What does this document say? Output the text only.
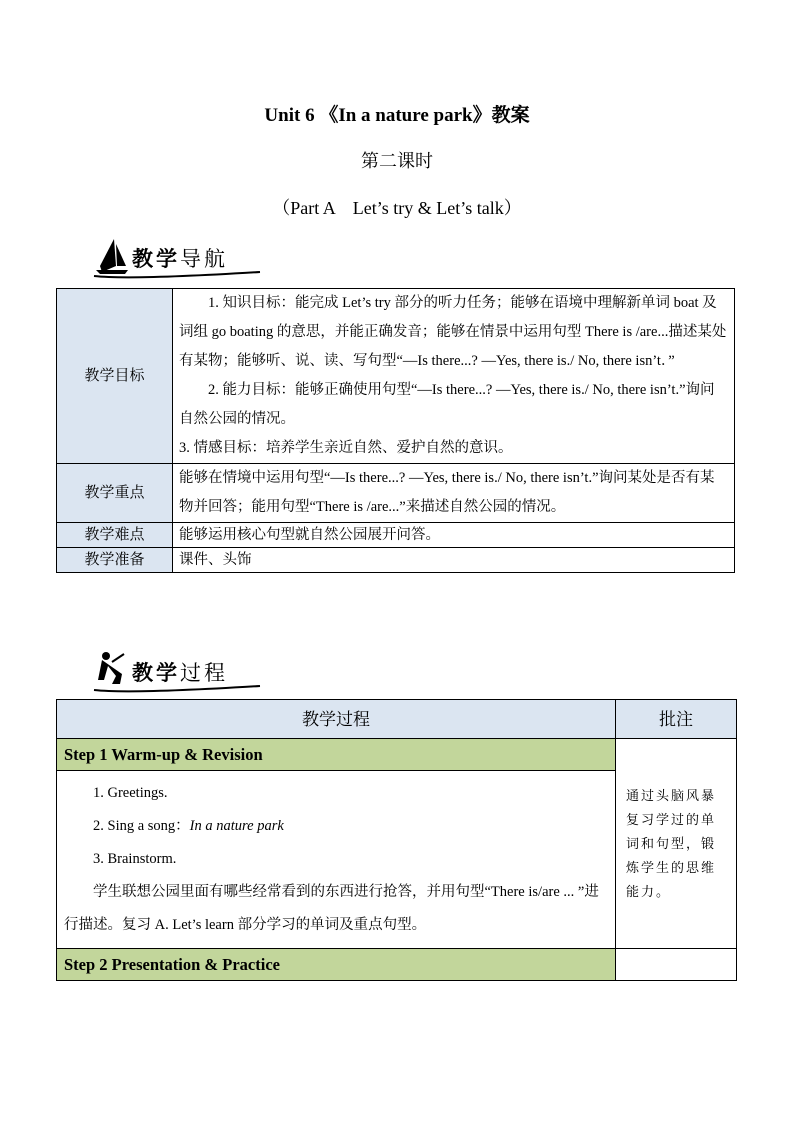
Unit 6 《In a nature park》教案
第二课时
（Part A　Let’s try & Let’s talk）
教学导航
教学目标	1. 知识目标：能完成 Let’s try 部分的听力任务；能够在语境中理解新单词 boat 及词组 go boating 的意思，并能正确发音；能够在情景中运用句型 There is /are...描述某处有某物；能够听、说、读、写句型“—Is there...? —Yes, there is./ No, there isn’t．”
2. 能力目标：能够正确使用句型“—Is there...? —Yes, there is./ No, there isn’t.”询问自然公园的情况。
3. 情感目标：培养学生亲近自然、爱护自然的意识。

教学重点	能够在情境中运用句型“—Is there...? —Yes, there is./ No, there isn’t.”询问某处是否有某物并回答；能用句型“There is /are...”来描述自然公园的情况。
教学难点	能够运用核心句型就自然公园展开问答。
教学准备	课件、头饰
教学过程
教学过程	批注
Step 1 Warm-up & Revision	通过头脑风暴复习学过的单词和句型，锻炼学生的思维能力。

1. Greetings.
2. Sing a song：In a nature park
3. Brainstorm.
学生联想公园里面有哪些经常看到的东西进行抢答，并用句型“There is/are ... ”进行描述。复习 A. Let’s learn 部分学习的单词及重点句型。	

Step 2 Presentation & Practice	
